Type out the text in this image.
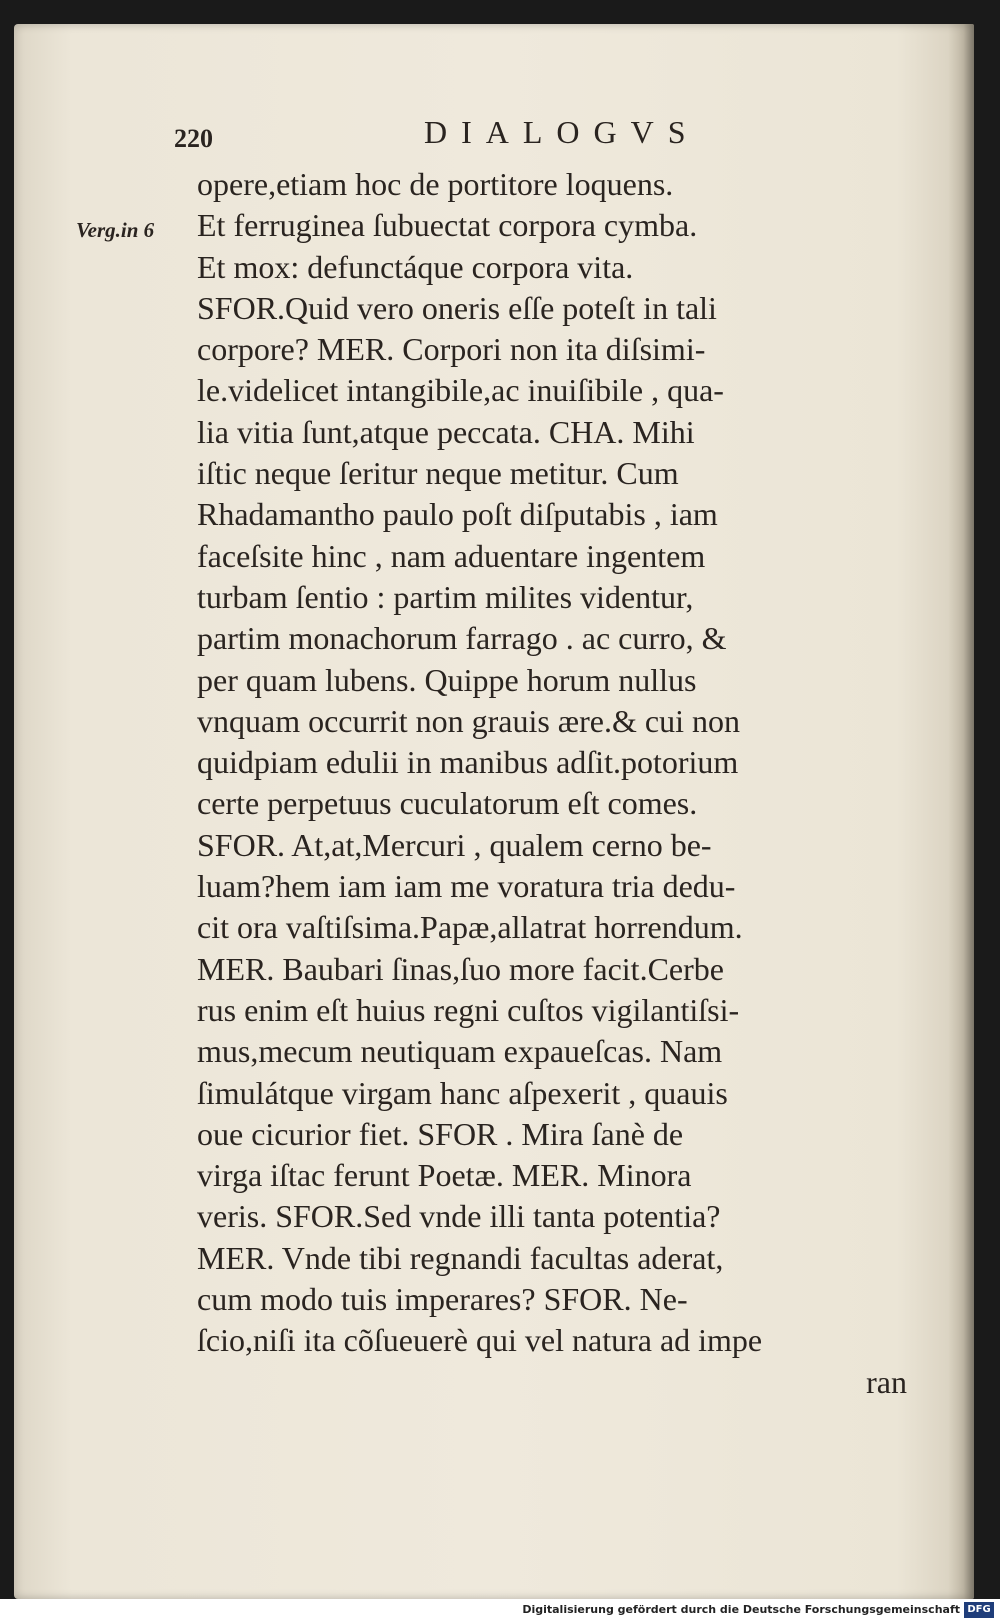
220	DIALOGVS
Verg.in 6
opere,etiam hoc de portitore loquens.
Et ferruginea ſubuectat corpora cymba.
Et mox: defunctáque corpora vita.
SFOR.Quid vero oneris eſſe poteſt in tali
corpore? MER. Corpori non ita diſsimi-
le.videlicet intangibile,ac inuiſibile , qua-
lia vitia ſunt,atque peccata. CHA. Mihi
iſtic neque ſeritur neque metitur. Cum
Rhadamantho paulo poſt diſputabis , iam
faceſsite hinc , nam aduentare ingentem
turbam ſentio : partim milites videntur,
partim monachorum farrago . ac curro, &
per quam lubens. Quippe horum nullus
vnquam occurrit non grauis ære.& cui non
quidpiam edulii in manibus adſit.potorium
certe perpetuus cuculatorum eſt comes.
SFOR. At,at,Mercuri , qualem cerno be-
luam?hem iam iam me voratura tria dedu-
cit ora vaſtiſsima.Papæ,allatrat horrendum.
MER. Baubari ſinas,ſuo more facit.Cerbe
rus enim eſt huius regni cuſtos vigilantiſsi-
mus,mecum neutiquam expaueſcas. Nam
ſimulátque virgam hanc aſpexerit , quauis
oue cicurior fiet. SFOR . Mira ſanè de
virga iſtac ferunt Poetæ. MER. Minora
veris. SFOR.Sed vnde illi tanta potentia?
MER. Vnde tibi regnandi facultas aderat,
cum modo tuis imperares? SFOR. Ne-
ſcio,niſi ita cõſueuerè qui vel natura ad impe
ran
Digitalisierung gefördert durch die Deutsche Forschungsgemeinschaft DFG
